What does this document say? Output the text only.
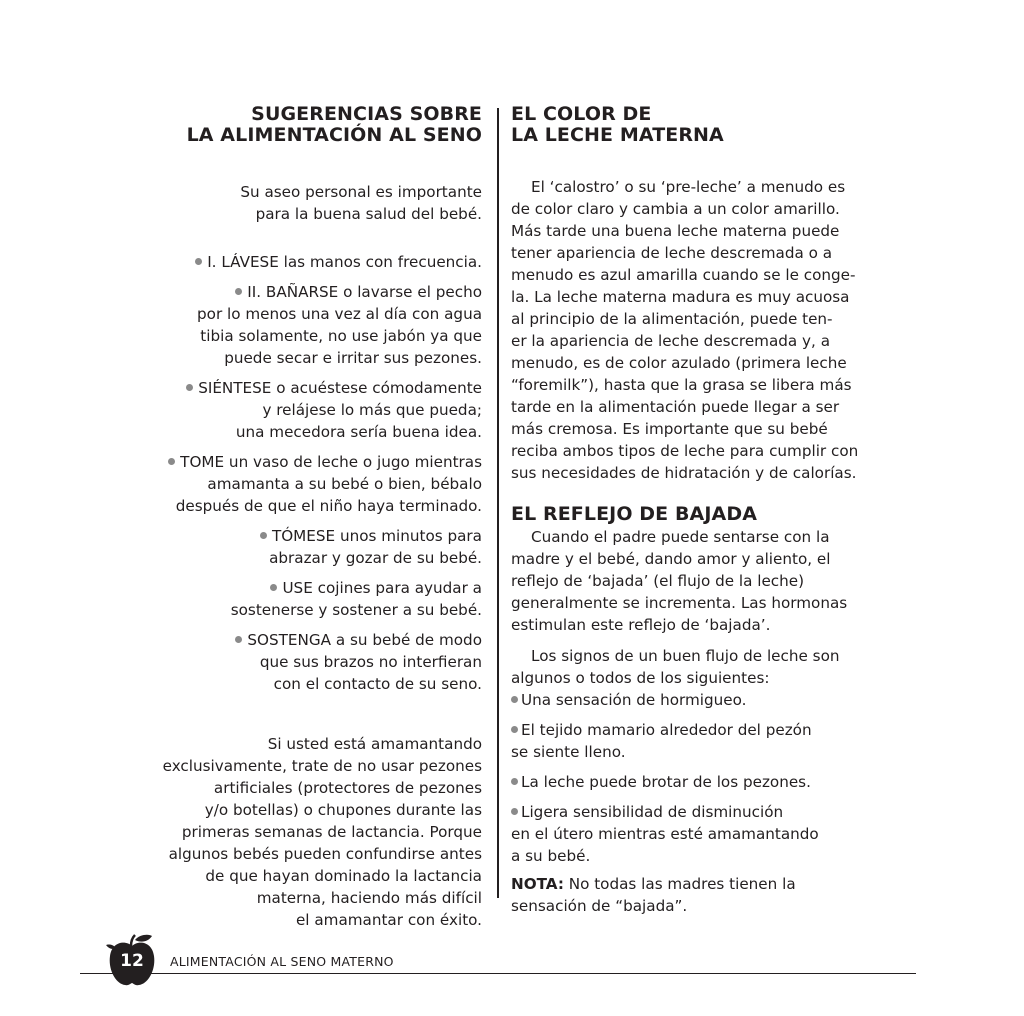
SUGERENCIAS SOBRE
LA ALIMENTACIÓN AL SENO

Su aseo personal es importante
para la buena salud del bebé.

I. LÁVESE las manos con frecuencia.

II. BAÑARSE o lavarse el pecho
por lo menos una vez al día con agua
tibia solamente, no use jabón ya que
puede secar e irritar sus pezones.

SIÉNTESE o acuéstese cómodamente
y relájese lo más que pueda;
una mecedora sería buena idea.

TOME un vaso de leche o jugo mientras
amamanta a su bebé o bien, bébalo
después de que el niño haya terminado.

TÓMESE unos minutos para
abrazar y gozar de su bebé.

USE cojines para ayudar a
sostenerse y sostener a su bebé.

SOSTENGA a su bebé de modo
que sus brazos no interfieran
con el contacto de su seno.

Si usted está amamantando
exclusivamente, trate de no usar pezones
artificiales (protectores de pezones
y/o botellas) o chupones durante las
primeras semanas de lactancia. Porque
algunos bebés pueden confundirse antes
de que hayan dominado la lactancia
materna, haciendo más difícil
el amamantar con éxito.

EL COLOR DE
LA LECHE MATERNA

El ‘calostro’ o su ‘pre-leche’ a menudo es
de color claro y cambia a un color amarillo.
Más tarde una buena leche materna puede
tener apariencia de leche descremada o a
menudo es azul amarilla cuando se le conge-
la. La leche materna madura es muy acuosa
al principio de la alimentación, puede ten-
er la apariencia de leche descremada y, a
menudo, es de color azulado (primera leche
“foremilk”), hasta que la grasa se libera más
tarde en la alimentación puede llegar a ser
más cremosa. Es importante que su bebé
reciba ambos tipos de leche para cumplir con
sus necesidades de hidratación y de calorías.

EL REFLEJO DE BAJADA

Cuando el padre puede sentarse con la
madre y el bebé, dando amor y aliento, el
reflejo de ‘bajada’ (el flujo de la leche)
generalmente se incrementa. Las hormonas
estimulan este reflejo de ‘bajada’.

Los signos de un buen flujo de leche son
algunos o todos de los siguientes:

Una sensación de hormigueo.

El tejido mamario alrededor del pezón
se siente lleno.

La leche puede brotar de los pezones.

Ligera sensibilidad de disminución
en el útero mientras esté amamantando
a su bebé.

NOTA: No todas las madres tienen la
sensación de “bajada”.

12	ALIMENTACIÓN AL SENO MATERNO
